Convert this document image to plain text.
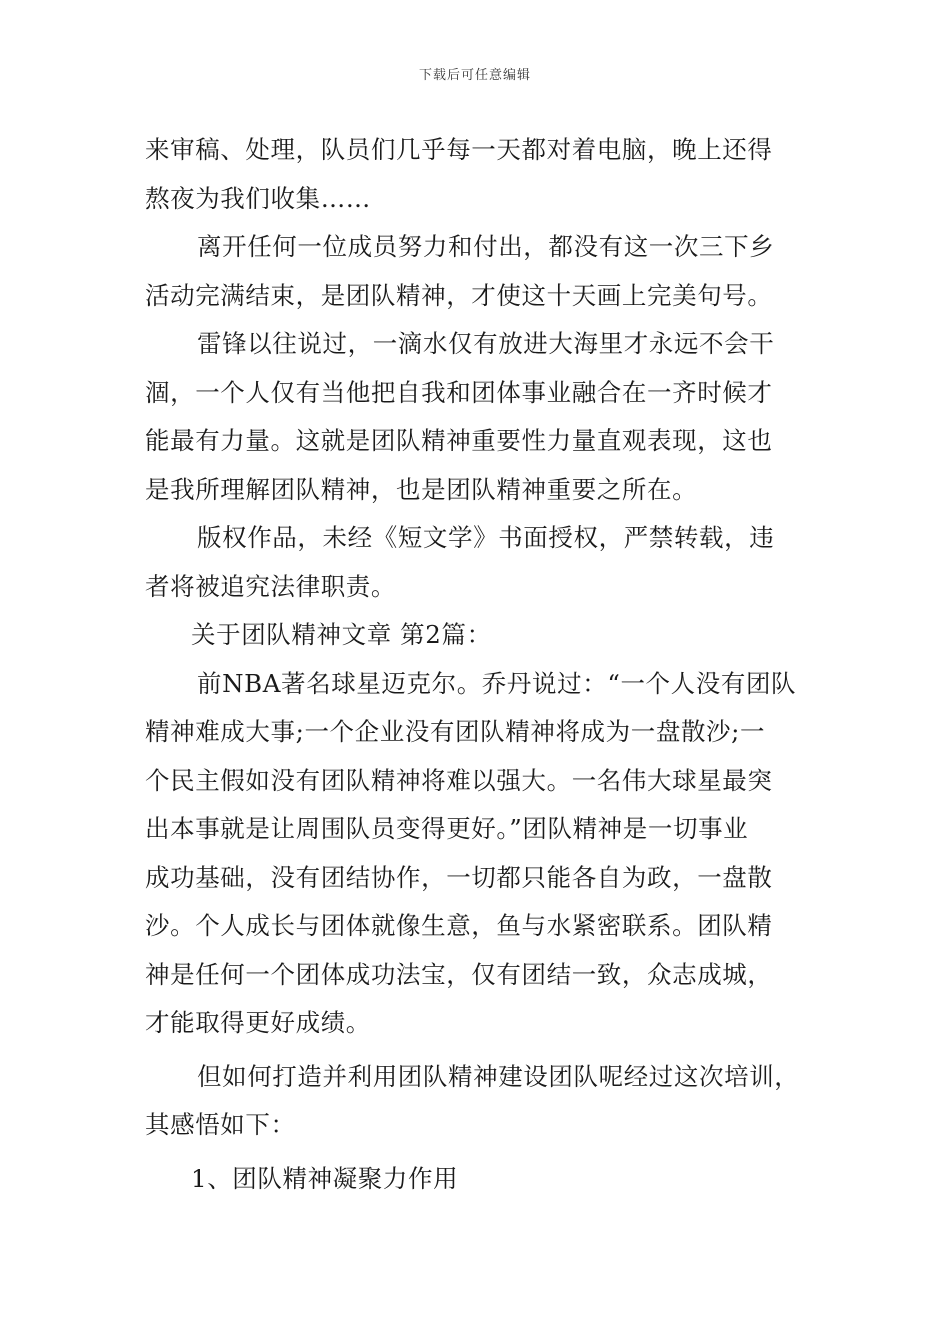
下载后可任意编辑
来审稿、处理，队员们几乎每一天都对着电脑，晚上还得
熬夜为我们收集……
离开任何一位成员努力和付出，都没有这一次三下乡
活动完满结束，是团队精神，才使这十天画上完美句号。
雷锋以往说过，一滴水仅有放进大海里才永远不会干
涸，一个人仅有当他把自我和团体事业融合在一齐时候才
能最有力量。这就是团队精神重要性力量直观表现，这也
是我所理解团队精神，也是团队精神重要之所在。
版权作品，未经《短文学》书面授权，严禁转载，违
者将被追究法律职责。
关于团队精神文章 第2篇：
前NBA著名球星迈克尔。乔丹说过：“一个人没有团队
精神难成大事;一个企业没有团队精神将成为一盘散沙;一
个民主假如没有团队精神将难以强大。一名伟大球星最突
出本事就是让周围队员变得更好。”团队精神是一切事业
成功基础，没有团结协作，一切都只能各自为政，一盘散
沙。个人成长与团体就像生意，鱼与水紧密联系。团队精
神是任何一个团体成功法宝，仅有团结一致，众志成城，
才能取得更好成绩。
但如何打造并利用团队精神建设团队呢经过这次培训，
其感悟如下：
1、团队精神凝聚力作用
